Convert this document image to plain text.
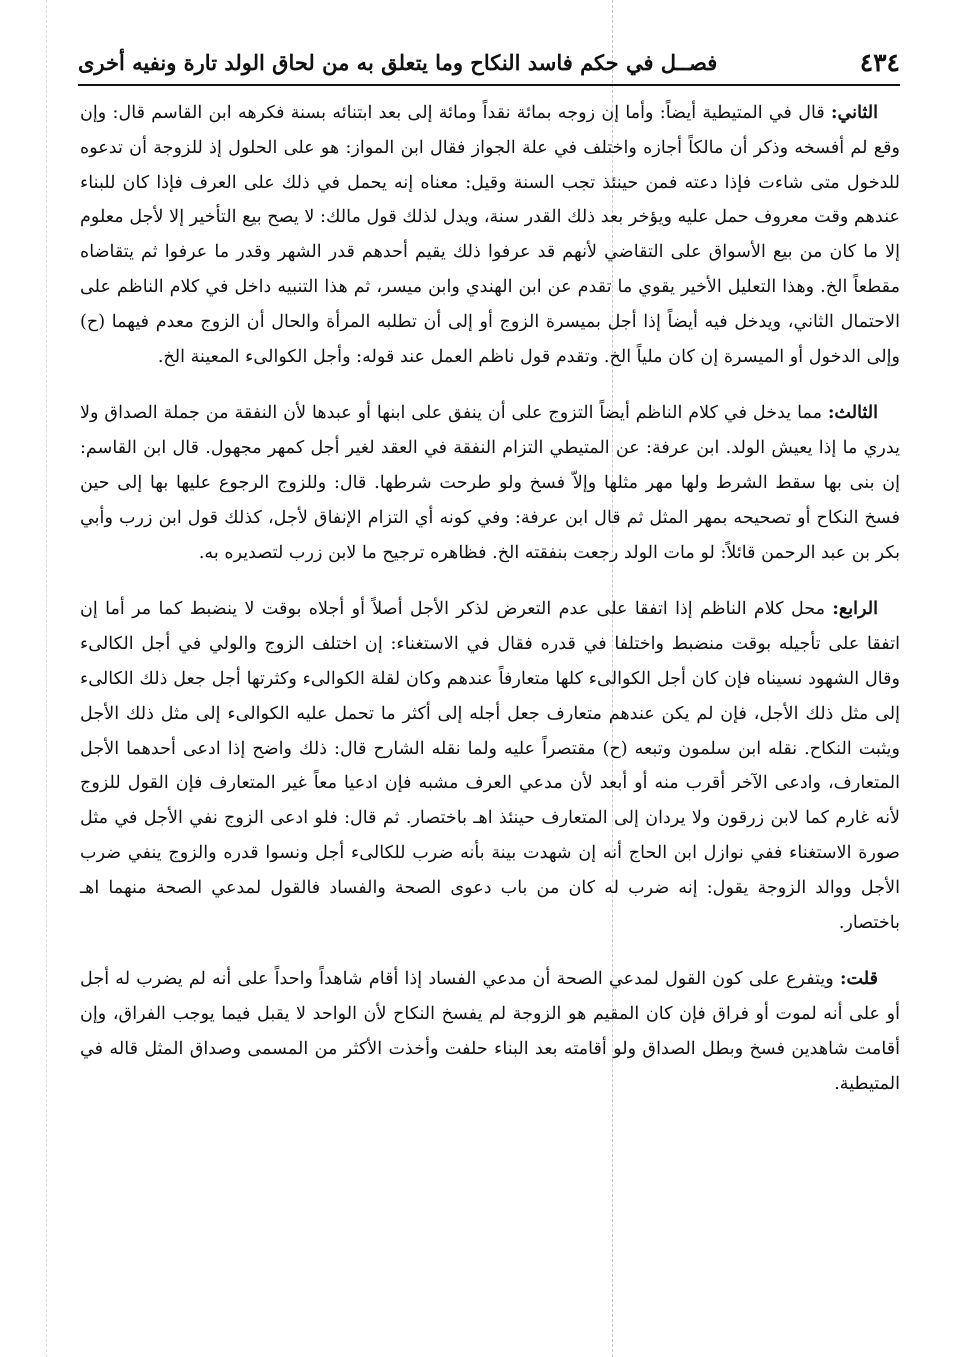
٤٣٤
فصــل في حكم فاسد النكاح وما يتعلق به من لحاق الولد تارة ونفيه أخرى

الثاني: قال في المتيطية أيضاً: وأما إن زوجه بمائة نقداً ومائة إلى بعد ابتنائه بسنة فكرهه ابن القاسم قال: وإن وقع لم أفسخه وذكر أن مالكاً أجازه واختلف في علة الجواز فقال ابن المواز: هو على الحلول إذ للزوجة أن تدعوه للدخول متى شاءت فإذا دعته فمن حينئذ تجب السنة وقيل: معناه إنه يحمل في ذلك على العرف فإذا كان للبناء عندهم وقت معروف حمل عليه ويؤخر بعد ذلك القدر سنة، ويدل لذلك قول مالك: لا يصح بيع التأخير إلا لأجل معلوم إلا ما كان من بيع الأسواق على التقاضي لأنهم قد عرفوا ذلك يقيم أحدهم قدر الشهر وقدر ما عرفوا ثم يتقاضاه مقطعاً الخ. وهذا التعليل الأخير يقوي ما تقدم عن ابن الهندي وابن ميسر، ثم هذا التنبيه داخل في كلام الناظم على الاحتمال الثاني، ويدخل فيه أيضاً إذا أجل بميسرة الزوج أو إلى أن تطلبه المرأة والحال أن الزوج معدم فيهما (ح) وإلى الدخول أو الميسرة إن كان ملياً الخ. وتقدم قول ناظم العمل عند قوله: وأجل الكوالىء المعينة الخ.

الثالث: مما يدخل في كلام الناظم أيضاً التزوج على أن ينفق على ابنها أو عبدها لأن النفقة من جملة الصداق ولا يدري ما إذا يعيش الولد. ابن عرفة: عن المتيطي التزام النفقة في العقد لغير أجل كمهر مجهول. قال ابن القاسم: إن بنى بها سقط الشرط ولها مهر مثلها وإلاّ فسخ ولو طرحت شرطها. قال: وللزوج الرجوع عليها بها إلى حين فسخ النكاح أو تصحيحه بمهر المثل ثم قال ابن عرفة: وفي كونه أي التزام الإنفاق لأجل، كذلك قول ابن زرب وأبي بكر بن عبد الرحمن قائلاً: لو مات الولد رجعت بنفقته الخ. فظاهره ترجيح ما لابن زرب لتصديره به.

الرابع: محل كلام الناظم إذا اتفقا على عدم التعرض لذكر الأجل أصلاً أو أجلاه بوقت لا ينضبط كما مر أما إن اتفقا على تأجيله بوقت منضبط واختلفا في قدره فقال في الاستغناء: إن اختلف الزوج والولي في أجل الكالىء وقال الشهود نسيناه فإن كان أجل الكوالىء كلها متعارفاً عندهم وكان لقلة الكوالىء وكثرتها أجل جعل ذلك الكالىء إلى مثل ذلك الأجل، فإن لم يكن عندهم متعارف جعل أجله إلى أكثر ما تحمل عليه الكوالىء إلى مثل ذلك الأجل ويثبت النكاح. نقله ابن سلمون وتبعه (ح) مقتصراً عليه ولما نقله الشارح قال: ذلك واضح إذا ادعى أحدهما الأجل المتعارف، وادعى الآخر أقرب منه أو أبعد لأن مدعي العرف مشبه فإن ادعيا معاً غير المتعارف فإن القول للزوج لأنه غارم كما لابن زرقون ولا يردان إلى المتعارف حينئذ اهـ باختصار. ثم قال: فلو ادعى الزوج نفي الأجل في مثل صورة الاستغناء ففي نوازل ابن الحاج أنه إن شهدت بينة بأنه ضرب للكالىء أجل ونسوا قدره والزوج ينفي ضرب الأجل ووالد الزوجة يقول: إنه ضرب له كان من باب دعوى الصحة والفساد فالقول لمدعي الصحة منهما اهـ باختصار.

قلت: ويتفرع على كون القول لمدعي الصحة أن مدعي الفساد إذا أقام شاهداً واحداً على أنه لم يضرب له أجل أو على أنه لموت أو فراق فإن كان المقيم هو الزوجة لم يفسخ النكاح لأن الواحد لا يقبل فيما يوجب الفراق، وإن أقامت شاهدين فسخ وبطل الصداق ولو أقامته بعد البناء حلفت وأخذت الأكثر من المسمى وصداق المثل قاله في المتيطية.
